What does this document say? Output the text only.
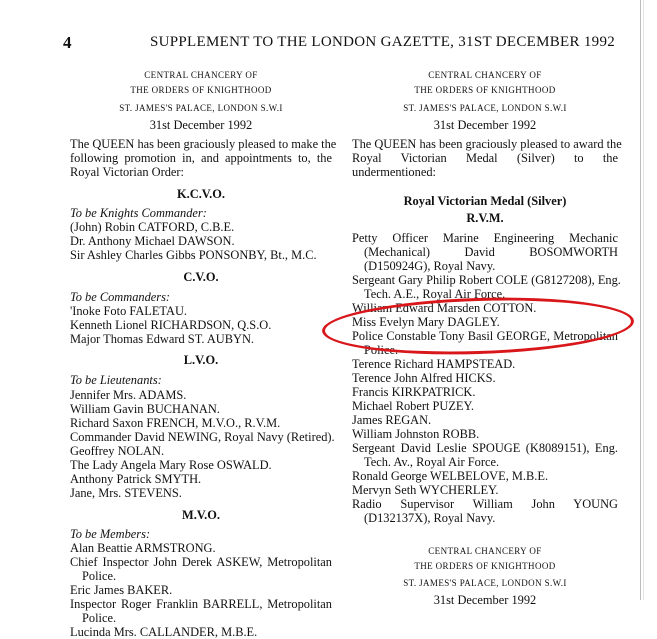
4	SUPPLEMENT TO THE LONDON GAZETTE, 31ST DECEMBER 1992
CENTRAL CHANCERY OF
THE ORDERS OF KNIGHTHOOD
ST. JAMES'S PALACE, LONDON S.W.I
31st December 1992
The QUEEN has been graciously pleased to make the
following promotion in, and appointments to, the
Royal Victorian Order:
K.C.V.O.
To be Knights Commander:
(John) Robin CATFORD, C.B.E.
Dr. Anthony Michael DAWSON.
Sir Ashley Charles Gibbs PONSONBY, Bt., M.C.
C.V.O.
To be Commanders:
'Inoke Foto FALETAU.
Kenneth Lionel RICHARDSON, Q.S.O.
Major Thomas Edward ST. AUBYN.
L.V.O.
To be Lieutenants:
Jennifer Mrs. ADAMS.
William Gavin BUCHANAN.
Richard Saxon FRENCH, M.V.O., R.V.M.
Commander David NEWING, Royal Navy (Retired).
Geoffrey NOLAN.
The Lady Angela Mary Rose OSWALD.
Anthony Patrick SMYTH.
Jane, Mrs. STEVENS.
M.V.O.
To be Members:
Alan Beattie ARMSTRONG.
Chief Inspector John Derek ASKEW, Metropolitan
Police.
Eric James BAKER.
Inspector Roger Franklin BARRELL, Metropolitan
Police.
Lucinda Mrs. CALLANDER, M.B.E.
CENTRAL CHANCERY OF
THE ORDERS OF KNIGHTHOOD
ST. JAMES'S PALACE, LONDON S.W.I
31st December 1992
The QUEEN has been graciously pleased to award the
Royal Victorian Medal (Silver) to the
undermentioned:
Royal Victorian Medal (Silver)
R.V.M.
Petty Officer Marine Engineering Mechanic
(Mechanical) David BOSOMWORTH
(D150924G), Royal Navy.
Sergeant Gary Philip Robert COLE (G8127208), Eng.
Tech. A.E., Royal Air Force.
William Edward Marsden COTTON.
Miss Evelyn Mary DAGLEY.
Police Constable Tony Basil GEORGE, Metropolitan
Police.
Terence Richard HAMPSTEAD.
Terence John Alfred HICKS.
Francis KIRKPATRICK.
Michael Robert PUZEY.
James REGAN.
William Johnston ROBB.
Sergeant David Leslie SPOUGE (K8089151), Eng.
Tech. Av., Royal Air Force.
Ronald George WELBELOVE, M.B.E.
Mervyn Seth WYCHERLEY.
Radio Supervisor William John YOUNG
(D132137X), Royal Navy.
CENTRAL CHANCERY OF
THE ORDERS OF KNIGHTHOOD
ST. JAMES'S PALACE, LONDON S.W.I
31st December 1992
